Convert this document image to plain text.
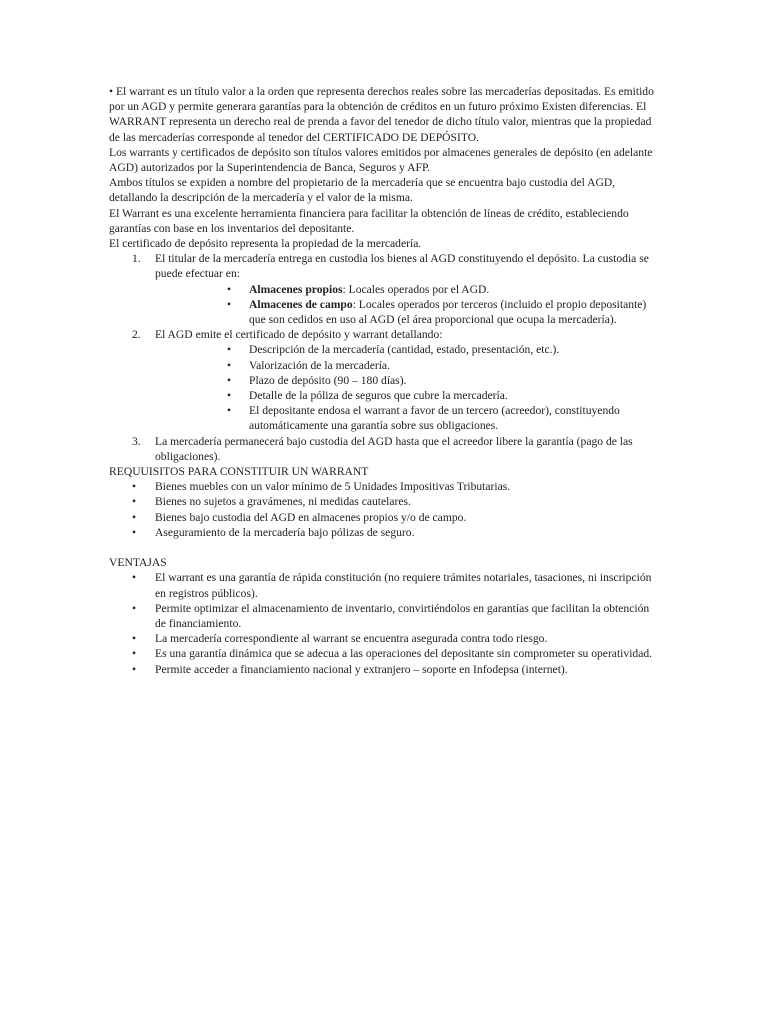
• El warrant es un título valor a la orden que representa derechos reales sobre las mercaderías depositadas. Es emitido por un AGD y permite generara garantías para la obtención de créditos en un futuro próximo Existen diferencias. El WARRANT representa un derecho real de prenda a favor del tenedor de dicho título valor, mientras que la propiedad de las mercaderías corresponde al tenedor del CERTIFICADO DE DEPÓSITO.

Los warrants y certificados de depósito son títulos valores emitidos por almacenes generales de depósito (en adelante AGD) autorizados por la Superintendencia de Banca, Seguros y AFP.

Ambos títulos se expiden a nombre del propietario de la mercadería que se encuentra bajo custodia del AGD, detallando la descripción de la mercadería y el valor de la misma.

El Warrant es una excelente herramienta financiera para facilitar la obtención de líneas de crédito, estableciendo garantías con base en los inventarios del depositante.

El certificado de depósito representa la propiedad de la mercadería.

1. El titular de la mercadería entrega en custodia los bienes al AGD constituyendo el depósito. La custodia se puede efectuar en:
• Almacenes propios: Locales operados por el AGD.
• Almacenes de campo: Locales operados por terceros (incluido el propio depositante) que son cedidos en uso al AGD (el área proporcional que ocupa la mercadería).
2. El AGD emite el certificado de depósito y warrant detallando:
• Descripción de la mercadería (cantidad, estado, presentación, etc.).
• Valorización de la mercadería.
• Plazo de depósito (90 – 180 días).
• Detalle de la póliza de seguros que cubre la mercadería.
• El depositante endosa el warrant a favor de un tercero (acreedor), constituyendo automáticamente una garantía sobre sus obligaciones.
3. La mercadería permanecerá bajo custodia del AGD hasta que el acreedor libere la garantía (pago de las obligaciones).

REQUUISITOS PARA CONSTITUIR UN WARRANT

• Bienes muebles con un valor mínimo de 5 Unidades Impositivas Tributarias.
• Bienes no sujetos a gravámenes, ni medidas cautelares.
• Bienes bajo custodia del AGD en almacenes propios y/o de campo.
• Aseguramiento de la mercadería bajo pólizas de seguro.

VENTAJAS

• El warrant es una garantía de rápida constitución (no requiere trámites notariales, tasaciones, ni inscripción en registros públicos).
• Permite optimizar el almacenamiento de inventario, convirtiéndolos en garantías que facilitan la obtención de financiamiento.
• La mercadería correspondiente al warrant se encuentra asegurada contra todo riesgo.
• Es una garantía dinámica que se adecua a las operaciones del depositante sin comprometer su operatividad.
• Permite acceder a financiamiento nacional y extranjero – soporte en Infodepsa (internet).
